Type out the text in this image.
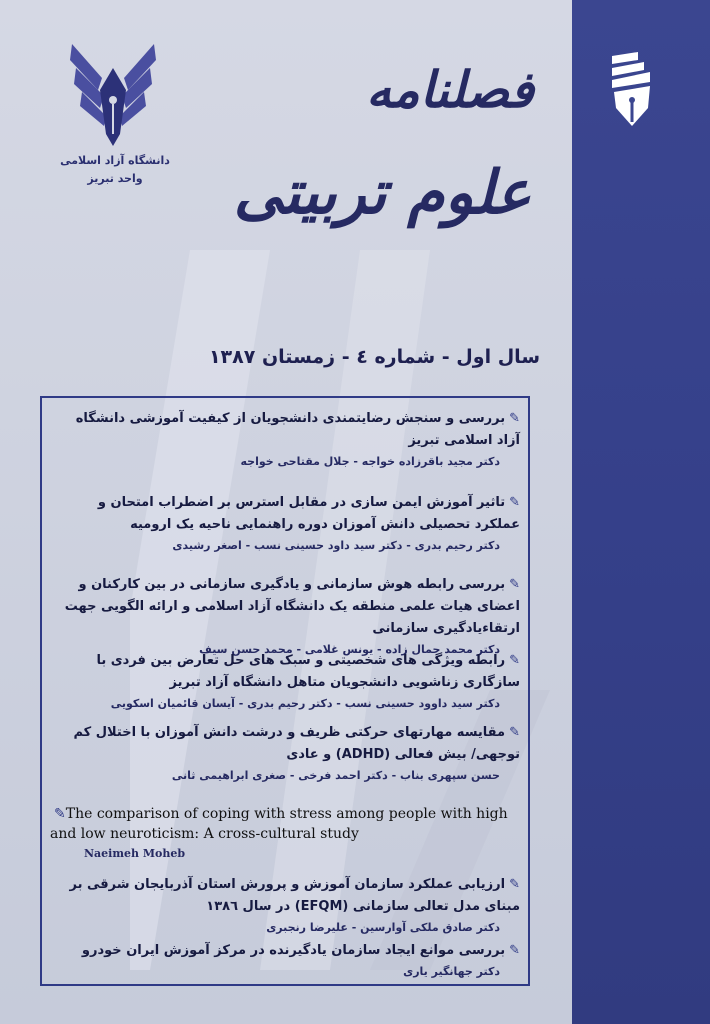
دانشگاه آزاد اسلامی
واحد تبریز
فصلنامه
علوم تربیتی
سال اول - شماره ٤ - زمستان ١٣٨٧
✎بررسی و سنجش رضایتمندی دانشجویان از کیفیت آموزشی دانشگاه آزاد اسلامی تبریز
دکتر مجید باقرزاده خواجه - جلال مقتاحی خواجه
✎تاثیر آموزش ایمن سازی در مقابل استرس بر اضطراب امتحان و عملکرد تحصیلی دانش آموزان دوره راهنمایی ناحیه یک ارومیه
دکتر رحیم بدری - دکتر سید داود حسینی نسب - اصغر رشیدی
✎بررسی رابطه هوش سازمانی و یادگیری سازمانی در بین کارکنان و اعضای هیات علمی منطقه یک دانشگاه آزاد اسلامی و ارائه الگویی جهت ارتقاءیادگیری سازمانی
دکتر محمد جمال زاده - یونس غلامی - محمد حسن سیف
✎رابطه ویژگی های شخصیتی و سبک های حل تعارض بین فردی با سازگاری زناشویی دانشجویان متاهل دانشگاه آزاد تبریز
دکتر سید داوود حسینی نسب - دکتر رحیم بدری - آیسان قائمیان اسکویی
✎مقایسه مهارتهای حرکتی ظریف و درشت دانش آموزان با اختلال کم توجهی/ بیش فعالی (ADHD) و عادی
حسن سپهری بناب - دکتر احمد فرخی - صغری ابراهیمی ثانی
✎The comparison of coping with stress among people with high and low neuroticism: A cross-cultural study
Naeimeh Moheb
✎ارزیابی عملکرد سازمان آموزش و پرورش استان آذربایجان شرقی بر مبنای مدل تعالی سازمانی (EFQM) در سال ١٣٨٦
دکتر صادق ملکی آوارسین - علیرضا رنجبری
✎بررسی موانع ایجاد سازمان یادگیرنده در مرکز آموزش ایران خودرو
دکتر جهانگیر یاری
